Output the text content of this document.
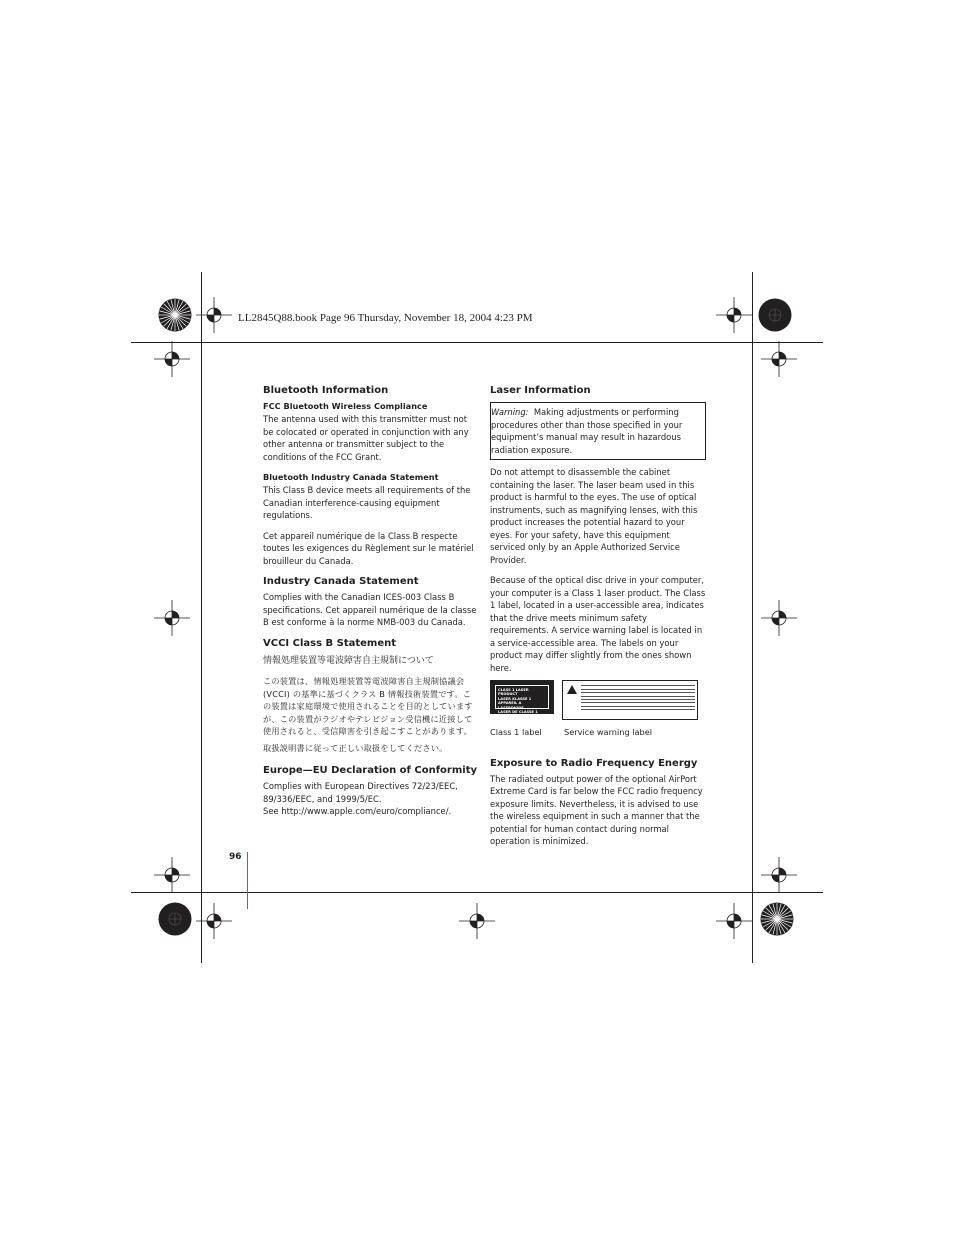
LL2845Q88.book Page 96 Thursday, November 18, 2004 4:23 PM
Bluetooth Information
FCC Bluetooth Wireless Compliance

The antenna used with this transmitter must not be colocated or operated in conjunction with any other antenna or transmitter subject to the conditions of the FCC Grant.

Bluetooth Industry Canada Statement

This Class B device meets all requirements of the Canadian interference-causing equipment regulations.

Cet appareil numérique de la Class B respecte toutes les exigences du Règlement sur le matériel brouilleur du Canada.

Industry Canada Statement

Complies with the Canadian ICES-003 Class B specifications. Cet appareil numérique de la classe B est conforme à la norme NMB-003 du Canada.

VCCI Class B Statement

情報処理装置等電波障害自主規制について

この装置は、情報処理装置等電波障害自主規制協議会 (VCCI) の基準に基づくクラス B 情報技術装置です。この装置は家庭環境で使用されることを目的としていますが、この装置がラジオやテレビジョン受信機に近接して使用されると、受信障害を引き起こすことがあります。

取扱説明書に従って正しい取扱をしてください。

Europe—EU Declaration of Conformity

Complies with European Directives 72/23/EEC,

89/336/EEC, and 1999/5/EC.

See http://www.apple.com/euro/compliance/.

Laser Information

Warning: Making adjustments or performing procedures other than those specified in your equipment’s manual may result in hazardous radiation exposure.

Do not attempt to disassemble the cabinet containing the laser. The laser beam used in this product is harmful to the eyes. The use of optical instruments, such as magnifying lenses, with this product increases the potential hazard to your eyes. For your safety, have this equipment serviced only by an Apple Authorized Service Provider.

Because of the optical disc drive in your computer, your computer is a Class 1 laser product. The Class 1 label, located in a user-accessible area, indicates that the drive meets minimum safety requirements. A service warning label is located in a service-accessible area. The labels on your product may differ slightly from the ones shown here.

CLASS 1 LASER PRODUCT
LASER KLASSE 1
APPAREIL A LASERDIODE
LASER DE CLASSE 1
Class 1 label	Service warning label
Exposure to Radio Frequency Energy

The radiated output power of the optional AirPort Extreme Card is far below the FCC radio frequency exposure limits. Nevertheless, it is advised to use the wireless equipment in such a manner that the potential for human contact during normal operation is minimized.

96
